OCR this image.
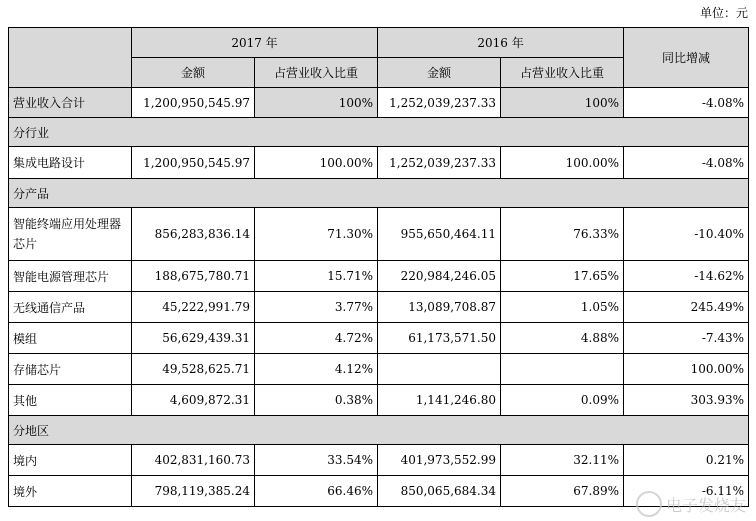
单位：元
	2017 年		2016 年		同比增减
	金额	占营业收入比重	金额	占营业收入比重	
营业收入合计	1,200,950,545.97	100%	1,252,039,237.33	100%	-4.08%
分行业					
集成电路设计	1,200,950,545.97	100.00%	1,252,039,237.33	100.00%	-4.08%
分产品					
智能终端应用处理器芯片	856,283,836.14	71.30%	955,650,464.11	76.33%	-10.40%
智能电源管理芯片	188,675,780.71	15.71%	220,984,246.05	17.65%	-14.62%
无线通信产品	45,222,991.79	3.77%	13,089,708.87	1.05%	245.49%
模组	56,629,439.31	4.72%	61,173,571.50	4.88%	-7.43%
存储芯片	49,528,625.71	4.12%			100.00%
其他	4,609,872.31	0.38%	1,141,246.80	0.09%	303.93%
分地区					
境内	402,831,160.73	33.54%	401,973,552.99	32.11%	0.21%
境外	798,119,385.24	66.46%	850,065,684.34	67.89%	-6.11%
电子发烧友
